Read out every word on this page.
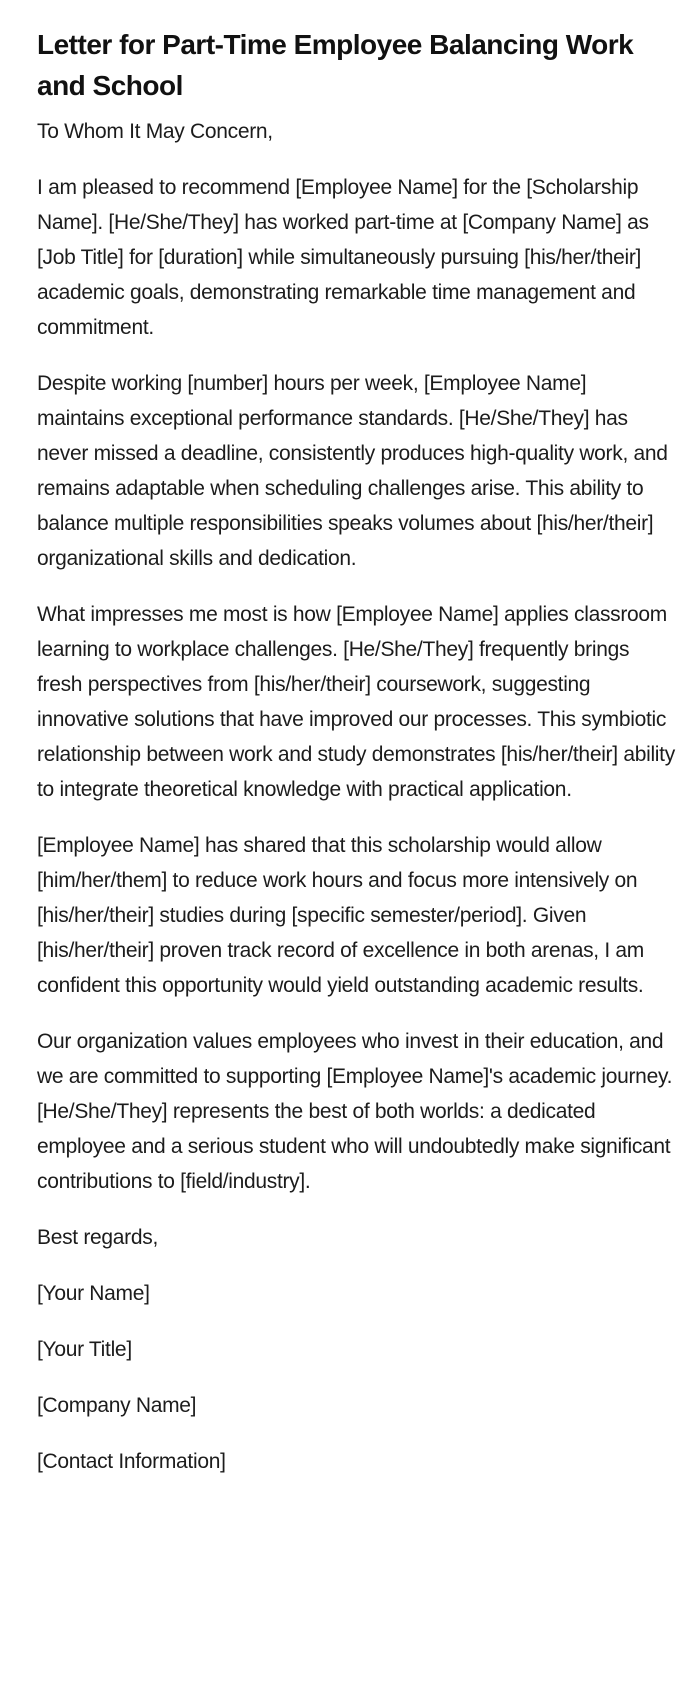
Letter for Part-Time Employee Balancing Work and School

To Whom It May Concern,

I am pleased to recommend [Employee Name] for the [Scholarship Name]. [He/She/They] has worked part-time at [Company Name] as [Job Title] for [duration] while simultaneously pursuing [his/her/their] academic goals, demonstrating remarkable time management and commitment.

Despite working [number] hours per week, [Employee Name] maintains exceptional performance standards. [He/She/They] has never missed a deadline, consistently produces high-quality work, and remains adaptable when scheduling challenges arise. This ability to balance multiple responsibilities speaks volumes about [his/her/their] organizational skills and dedication.

What impresses me most is how [Employee Name] applies classroom learning to workplace challenges. [He/She/They] frequently brings fresh perspectives from [his/her/their] coursework, suggesting innovative solutions that have improved our processes. This symbiotic relationship between work and study demonstrates [his/her/their] ability to integrate theoretical knowledge with practical application.

[Employee Name] has shared that this scholarship would allow [him/her/them] to reduce work hours and focus more intensively on [his/her/their] studies during [specific semester/period]. Given [his/her/their] proven track record of excellence in both arenas, I am confident this opportunity would yield outstanding academic results.

Our organization values employees who invest in their education, and we are committed to supporting [Employee Name]'s academic journey. [He/She/They] represents the best of both worlds: a dedicated employee and a serious student who will undoubtedly make significant contributions to [field/industry].

Best regards,

[Your Name]

[Your Title]

[Company Name]

[Contact Information]
